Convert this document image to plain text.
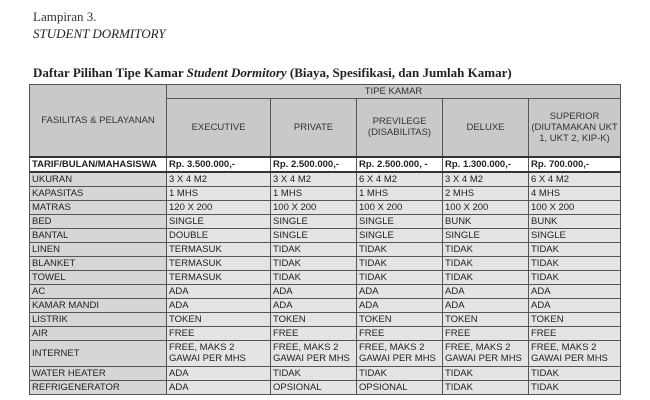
Lampiran 3.
STUDENT DORMITORY
Daftar Pilihan Tipe Kamar Student Dormitory (Biaya, Spesifikasi, dan Jumlah Kamar)
FASILITAS & PELAYANAN	TIPE KAMAR				
	EXECUTIVE	PRIVATE	PREVILEGE (DISABILITAS)	DELUXE	SUPERIOR (DIUTAMAKAN UKT 1, UKT 2, KIP-K)
TARIF/BULAN/MAHASISWA	Rp. 3.500.000,-	Rp. 2.500.000,-	Rp. 2.500.000, -	Rp. 1.300.000,-	Rp. 700.000,-
UKURAN	3 X 4 M2	3 X 4 M2	6 X 4 M2	3 X 4 M2	6 X 4 M2
KAPASITAS	1 MHS	1 MHS	1 MHS	2 MHS	4 MHS
MATRAS	120 X 200	100 X 200	100 X 200	100 X 200	100 X 200
BED	SINGLE	SINGLE	SINGLE	BUNK	BUNK
BANTAL	DOUBLE	SINGLE	SINGLE	SINGLE	SINGLE
LINEN	TERMASUK	TIDAK	TIDAK	TIDAK	TIDAK
BLANKET	TERMASUK	TIDAK	TIDAK	TIDAK	TIDAK
TOWEL	TERMASUK	TIDAK	TIDAK	TIDAK	TIDAK
AC	ADA	ADA	ADA	ADA	ADA
KAMAR MANDI	ADA	ADA	ADA	ADA	ADA
LISTRIK	TOKEN	TOKEN	TOKEN	TOKEN	TOKEN
AIR	FREE	FREE	FREE	FREE	FREE
INTERNET	FREE, MAKS 2 GAWAI PER MHS	FREE, MAKS 2 GAWAI PER MHS	FREE, MAKS 2 GAWAI PER MHS	FREE, MAKS 2 GAWAI PER MHS	FREE, MAKS 2 GAWAI PER MHS
WATER HEATER	ADA	TIDAK	TIDAK	TIDAK	TIDAK
REFRIGENERATOR	ADA	OPSIONAL	OPSIONAL	TIDAK	TIDAK
